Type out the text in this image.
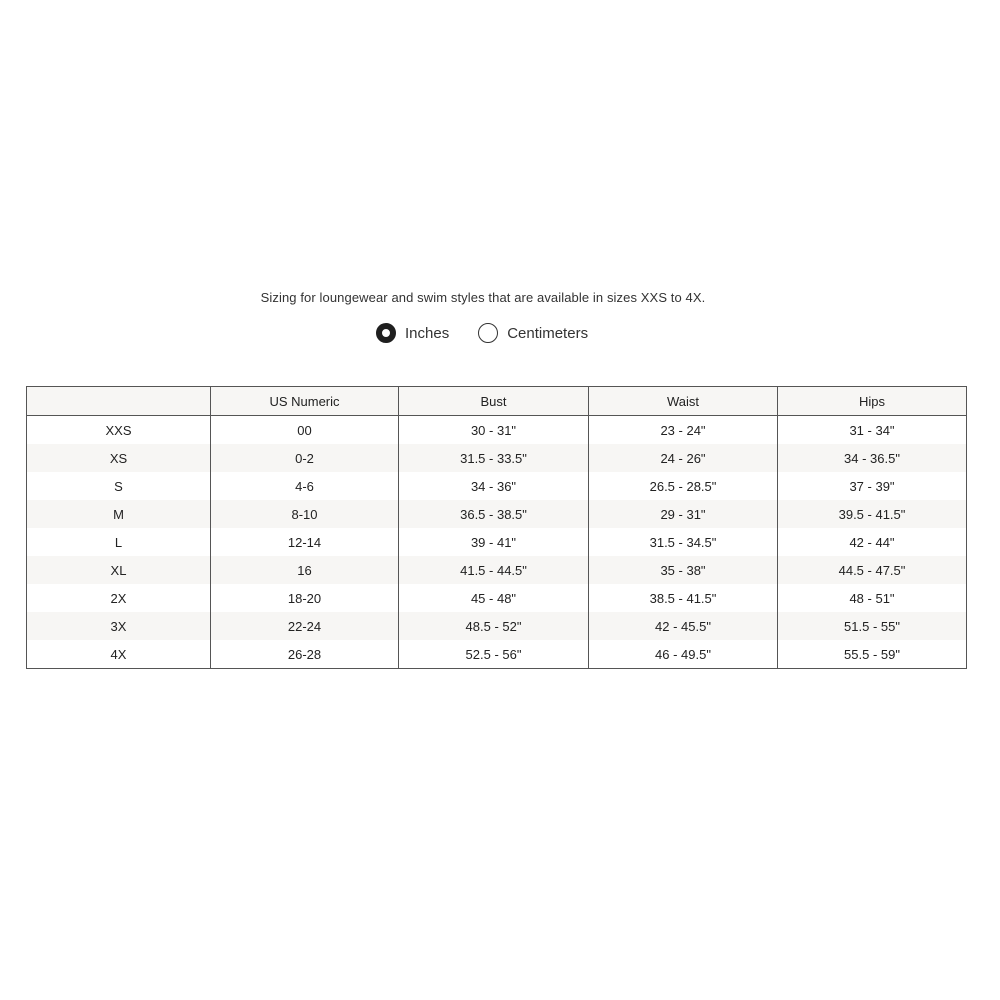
Sizing for loungewear and swim styles that are available in sizes XXS to 4X.
Inches	Centimeters
	US Numeric	Bust	Waist	Hips
XXS	00	30 - 31"	23 - 24"	31 - 34"
XS	0-2	31.5 - 33.5"	24 - 26"	34 - 36.5"
S	4-6	34 - 36"	26.5 - 28.5"	37 - 39"
M	8-10	36.5 - 38.5"	29 - 31"	39.5 - 41.5"
L	12-14	39 - 41"	31.5 - 34.5"	42 - 44"
XL	16	41.5 - 44.5"	35 - 38"	44.5 - 47.5"
2X	18-20	45 - 48"	38.5 - 41.5"	48 - 51"
3X	22-24	48.5 - 52"	42 - 45.5"	51.5 - 55"
4X	26-28	52.5 - 56"	46 - 49.5"	55.5 - 59"
